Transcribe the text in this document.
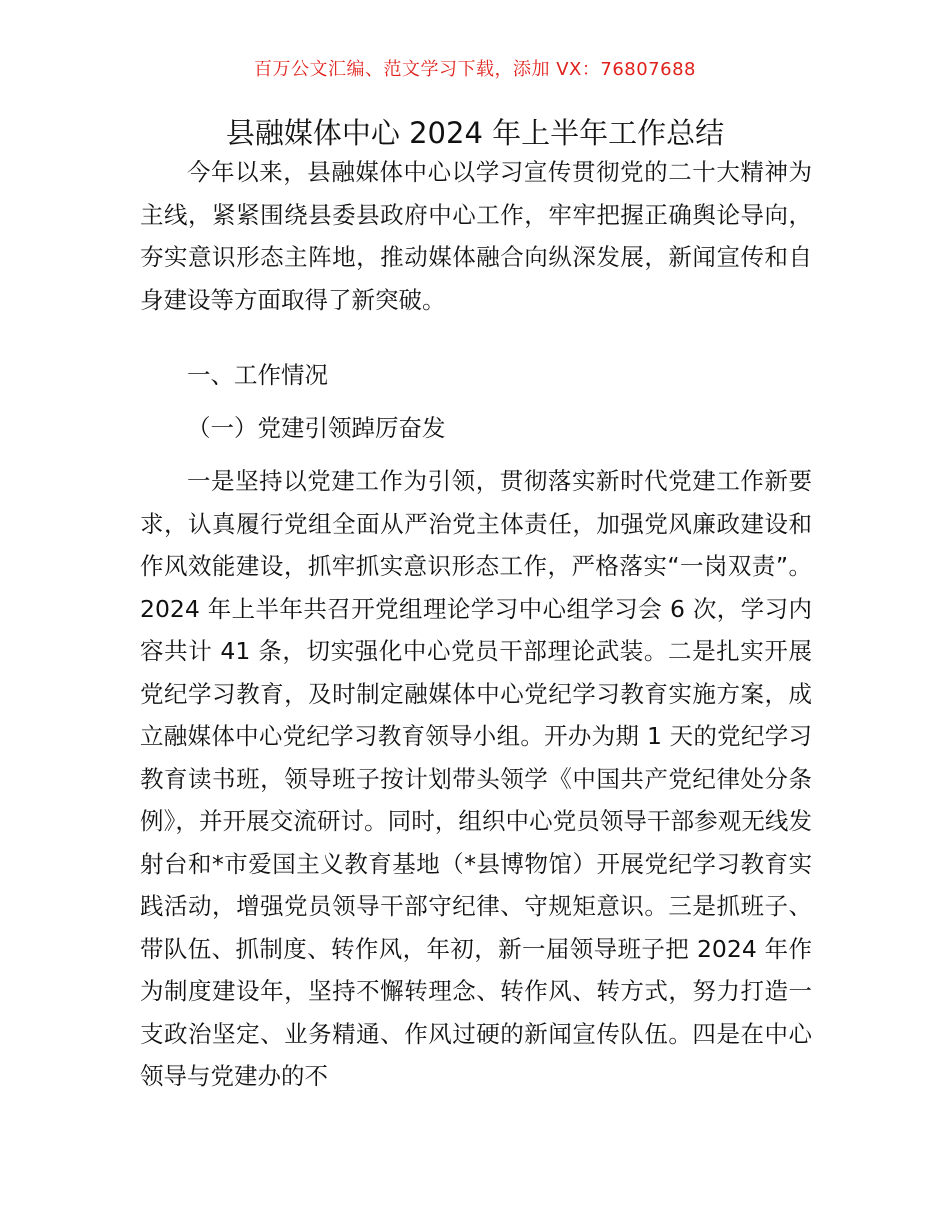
百万公文汇编、范文学习下载，添加 VX：76807688
县融媒体中心 2024 年上半年工作总结

今年以来，县融媒体中心以学习宣传贯彻党的二十大精神为主线，紧紧围绕县委县政府中心工作，牢牢把握正确舆论导向，夯实意识形态主阵地，推动媒体融合向纵深发展，新闻宣传和自身建设等方面取得了新突破。

一、工作情况

（一）党建引领踔厉奋发

一是坚持以党建工作为引领，贯彻落实新时代党建工作新要求，认真履行党组全面从严治党主体责任，加强党风廉政建设和作风效能建设，抓牢抓实意识形态工作，严格落实“一岗双责”。2024 年上半年共召开党组理论学习中心组学习会 6 次，学习内容共计 41 条，切实强化中心党员干部理论武装。二是扎实开展党纪学习教育，及时制定融媒体中心党纪学习教育实施方案，成立融媒体中心党纪学习教育领导小组。开办为期 1 天的党纪学习教育读书班，领导班子按计划带头领学《中国共产党纪律处分条例》，并开展交流研讨。同时，组织中心党员领导干部参观无线发射台和*市爱国主义教育基地（*县博物馆）开展党纪学习教育实践活动，增强党员领导干部守纪律、守规矩意识。三是抓班子、带队伍、抓制度、转作风，年初，新一届领导班子把 2024 年作为制度建设年，坚持不懈转理念、转作风、转方式，努力打造一支政治坚定、业务精通、作风过硬的新闻宣传队伍。四是在中心领导与党建办的不
